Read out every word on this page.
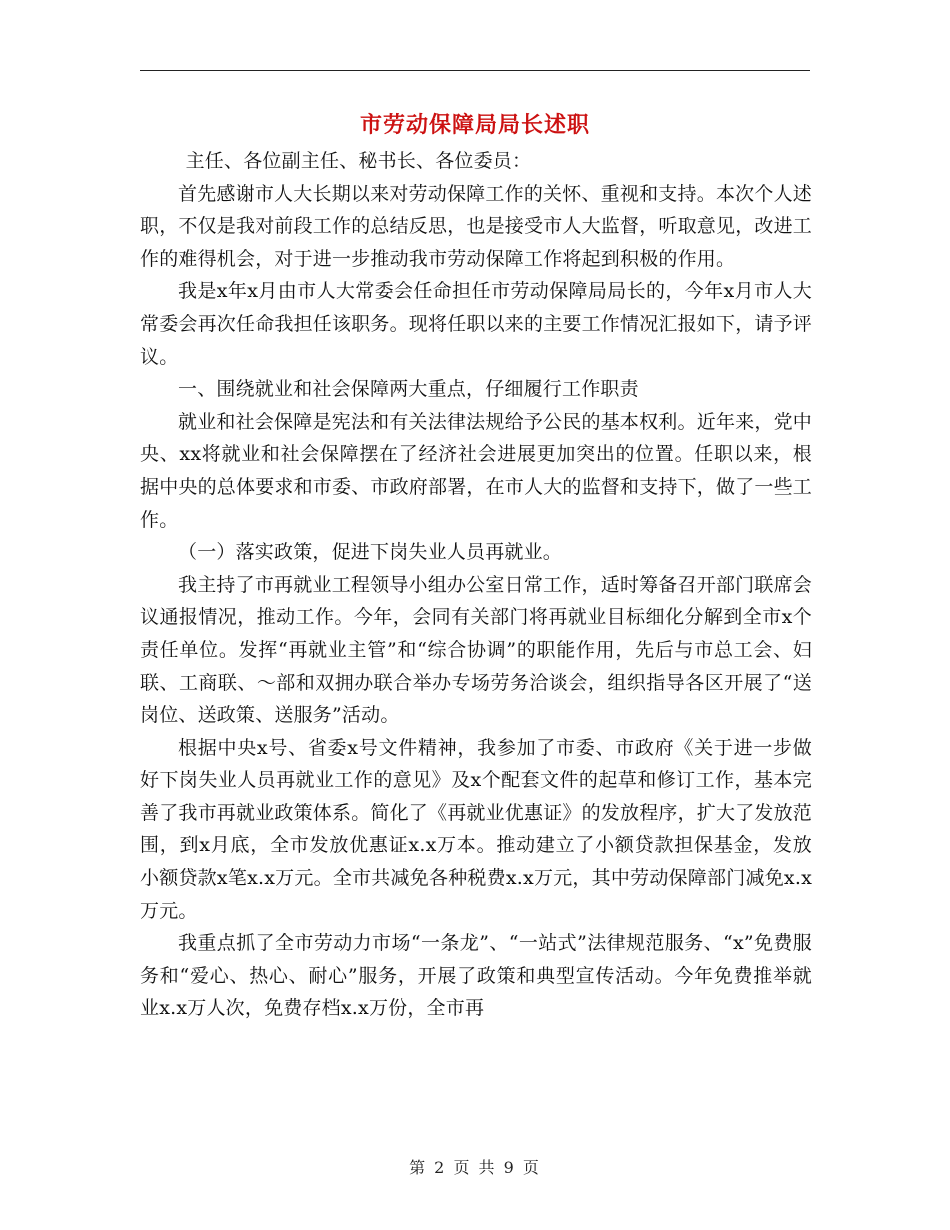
市劳动保障局局长述职

主任、各位副主任、秘书长、各位委员：

首先感谢市人大长期以来对劳动保障工作的关怀、重视和支持。本次个人述职，不仅是我对前段工作的总结反思，也是接受市人大监督，听取意见，改进工作的难得机会，对于进一步推动我市劳动保障工作将起到积极的作用。

我是x年x月由市人大常委会任命担任市劳动保障局局长的，今年x月市人大常委会再次任命我担任该职务。现将任职以来的主要工作情况汇报如下，请予评议。

一、围绕就业和社会保障两大重点，仔细履行工作职责

就业和社会保障是宪法和有关法律法规给予公民的基本权利。近年来，党中央、xx将就业和社会保障摆在了经济社会进展更加突出的位置。任职以来，根据中央的总体要求和市委、市政府部署，在市人大的监督和支持下，做了一些工作。

（一）落实政策，促进下岗失业人员再就业。

我主持了市再就业工程领导小组办公室日常工作，适时筹备召开部门联席会议通报情况，推动工作。今年，会同有关部门将再就业目标细化分解到全市x个责任单位。发挥“再就业主管”和“综合协调”的职能作用，先后与市总工会、妇联、工商联、～部和双拥办联合举办专场劳务洽谈会，组织指导各区开展了“送岗位、送政策、送服务”活动。

根据中央x号、省委x号文件精神，我参加了市委、市政府《关于进一步做好下岗失业人员再就业工作的意见》及x个配套文件的起草和修订工作，基本完善了我市再就业政策体系。简化了《再就业优惠证》的发放程序，扩大了发放范围，到x月底，全市发放优惠证x.x万本。推动建立了小额贷款担保基金，发放小额贷款x笔x.x万元。全市共减免各种税费x.x万元，其中劳动保障部门减免x.x万元。

我重点抓了全市劳动力市场“一条龙”、“一站式”法律规范服务、“x”免费服务和“爱心、热心、耐心”服务，开展了政策和典型宣传活动。今年免费推举就业x.x万人次，免费存档x.x万份，全市再

第 2 页 共 9 页
